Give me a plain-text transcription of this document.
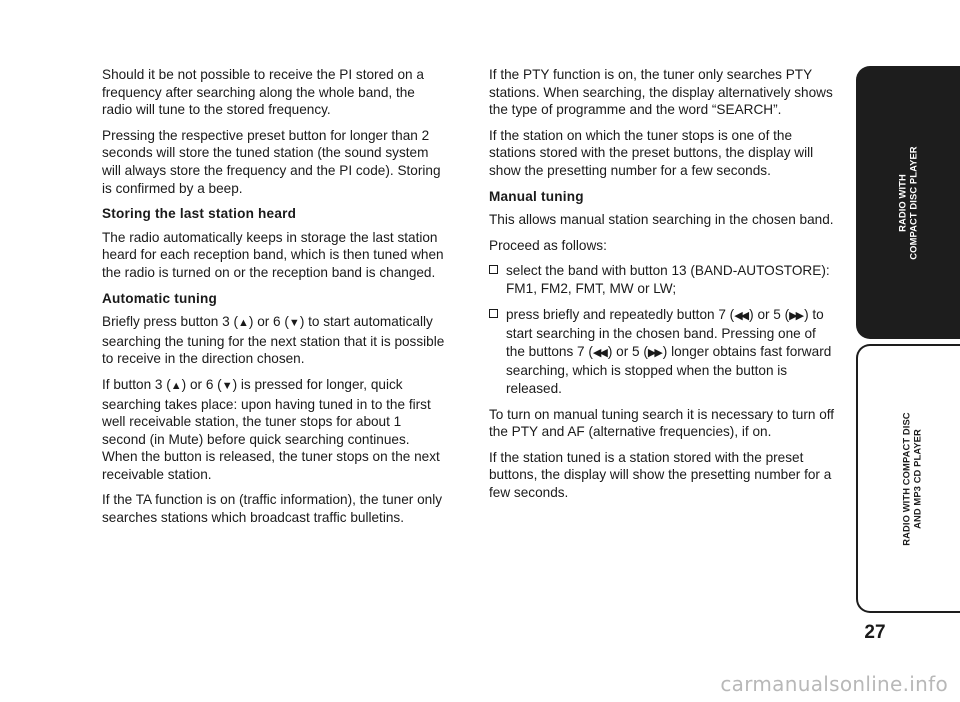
Should it be not possible to receive the PI stored on a frequency after searching along the whole band, the radio will tune to the stored frequency.

Pressing the respective preset button for longer than 2 seconds will store the tuned station (the sound system will always store the frequency and the PI code). Storing is confirmed by a beep.

Storing the last station heard

The radio automatically keeps in storage the last station heard for each reception band, which is then tuned when the radio is turned on or the reception band is changed.

Automatic tuning

Briefly press button 3 (▲) or 6 (▼) to start automatically searching the tuning for the next station that it is possible to receive in the direction chosen.

If button 3 (▲) or 6 (▼) is pressed for longer, quick searching takes place: upon having tuned in to the first well receivable station, the tuner stops for about 1 second (in Mute) before quick searching continues. When the button is released, the tuner stops on the next receivable station.

If the TA function is on (traffic information), the tuner only searches stations which broadcast traffic bulletins.

If the PTY function is on, the tuner only searches PTY stations. When searching, the display alternatively shows the type of programme and the word “SEARCH”.

If the station on which the tuner stops is one of the stations stored with the preset buttons, the display will show the presetting number for a few seconds.

Manual tuning

This allows manual station searching in the chosen band.

Proceed as follows:

select the band with button 13 (BAND-AUTOSTORE): FM1, FM2, FMT, MW or LW;
press briefly and repeatedly button 7 (◀◀ ) or 5 (▶▶ ) to start searching in the chosen band. Pressing one of the buttons 7 (◀◀ ) or 5 (▶▶ ) longer obtains fast forward searching, which is stopped when the button is released.

To turn on manual tuning search it is necessary to turn off the PTY and AF (alternative frequencies), if on.

If the station tuned is a station stored with the preset buttons, the display will show the presetting number for a few seconds.

RADIO WITH COMPACT DISC PLAYER
RADIO WITH COMPACT DISC AND MP3 CD PLAYER
27
carmanualsonline.info
